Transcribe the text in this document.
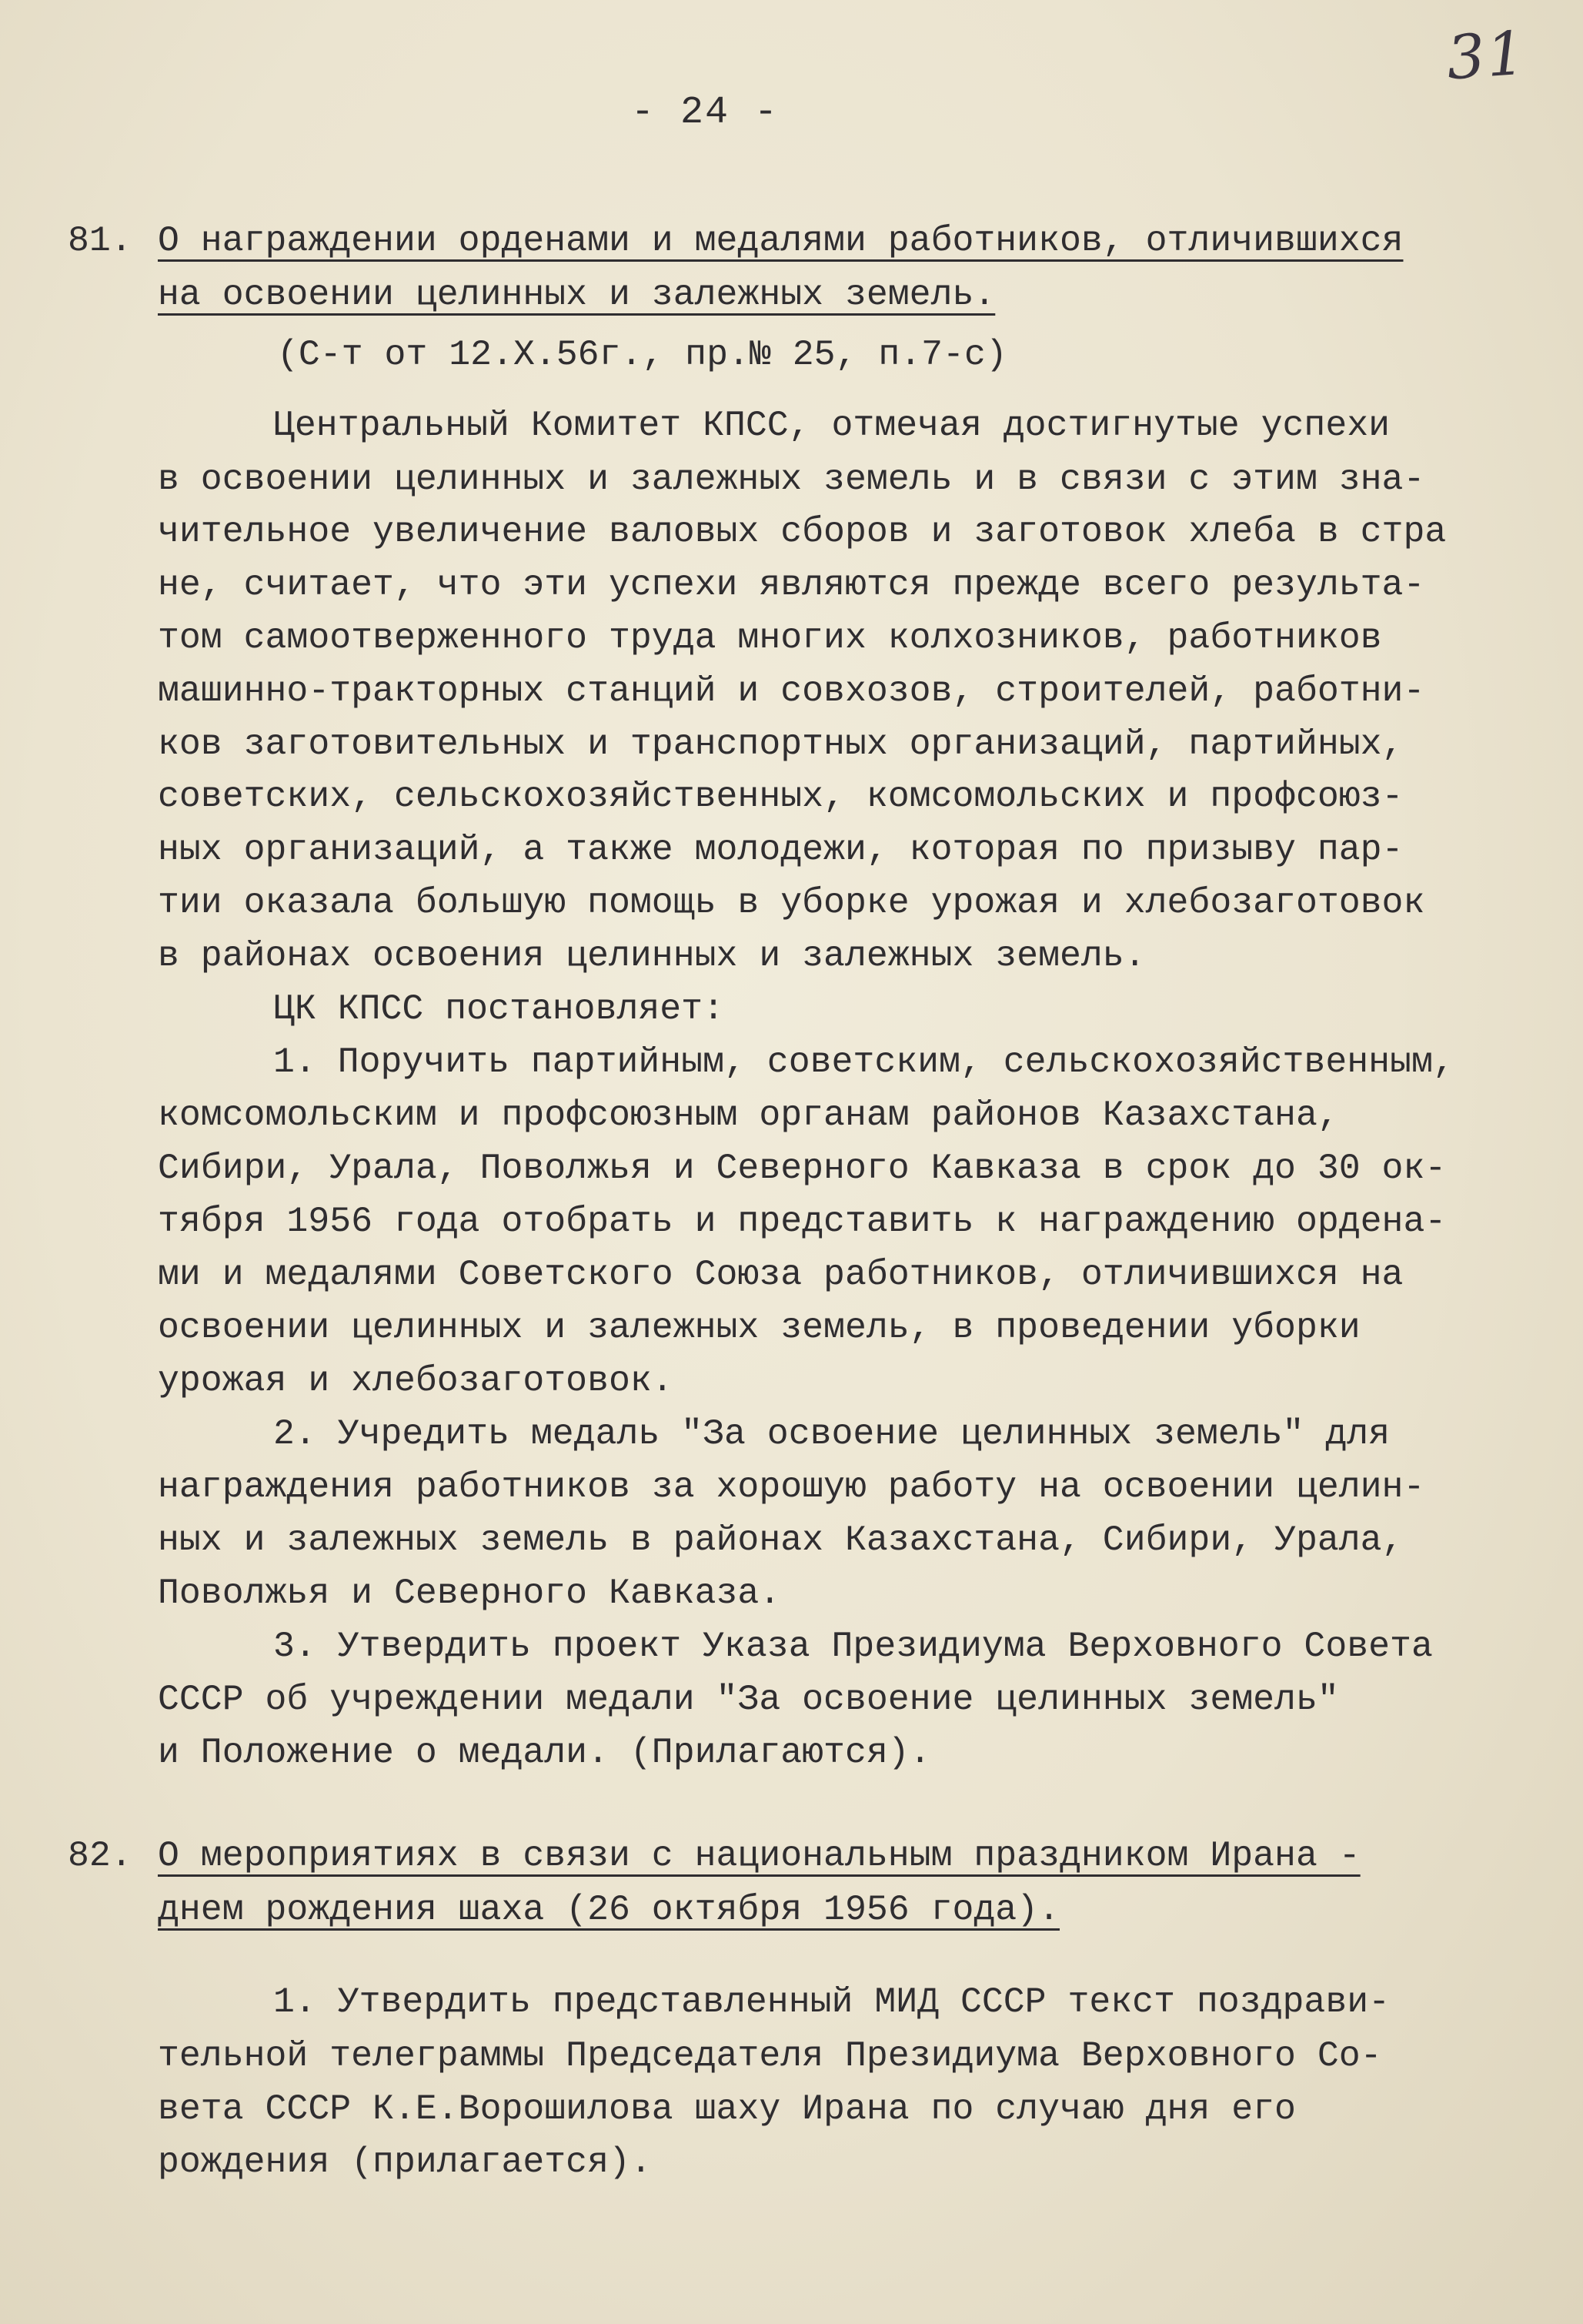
31
- 24 -
81. О награждении орденами и медалями работников, отличившихся
на освоении целинных и залежных земель.
(С-т от 12.Х.56г., пр.№ 25, п.7-с)
Центральный Комитет КПСС, отмечая достигнутые успехи
в освоении целинных и залежных земель и в связи с этим зна-
чительное увеличение валовых сборов и заготовок хлеба в стра
не, считает, что эти успехи являются прежде всего результа-
том самоотверженного труда многих колхозников, работников
машинно-тракторных станций и совхозов, строителей, работни-
ков заготовительных и транспортных организаций, партийных,
советских, сельскохозяйственных, комсомольских и профсоюз-
ных организаций, а также молодежи, которая по призыву пар-
тии оказала большую помощь в уборке урожая и хлебозаготовок
в районах освоения целинных и залежных земель.
ЦК КПСС постановляет:
1. Поручить партийным, советским, сельскохозяйственным,
комсомольским и профсоюзным органам районов Казахстана,
Сибири, Урала, Поволжья и Северного Кавказа в срок до 30 ок-
тября 1956 года отобрать и представить к награждению ордена-
ми и медалями Советского Союза работников, отличившихся на
освоении целинных и залежных земель, в проведении уборки
урожая и хлебозаготовок.
2. Учредить медаль "За освоение целинных земель" для
награждения работников за хорошую работу на освоении целин-
ных и залежных земель в районах Казахстана, Сибири, Урала,
Поволжья и Северного Кавказа.
3. Утвердить проект Указа Президиума Верховного Совета
СССР об учреждении медали "За освоение целинных земель"
и Положение о медали. (Прилагаются).
82. О мероприятиях в связи с национальным праздником Ирана -
днем рождения шаха (26 октября 1956 года).
1. Утвердить представленный МИД СССР текст поздрави-
тельной телеграммы Председателя Президиума Верховного Со-
вета СССР К.Е.Ворошилова шаху Ирана по случаю дня его
рождения (прилагается).
